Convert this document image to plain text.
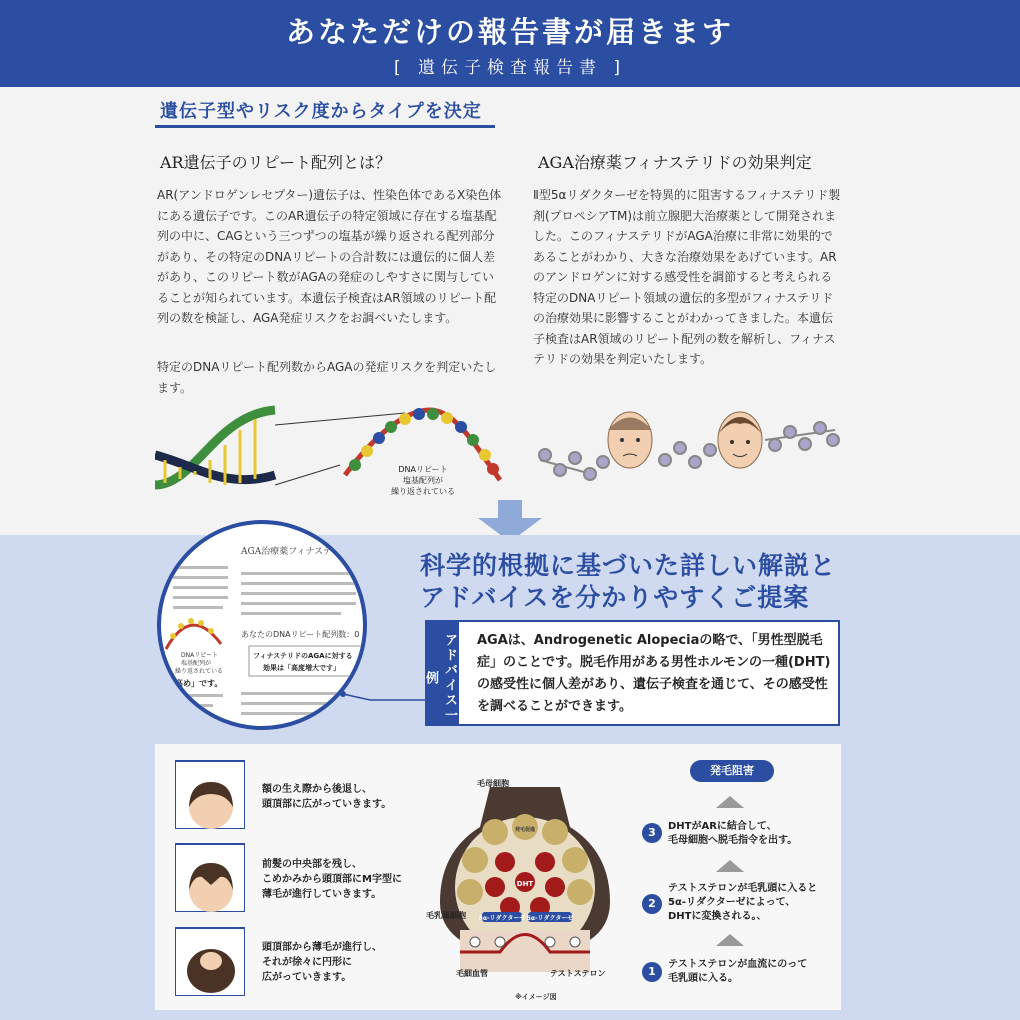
あなただけの報告書が届きます
[ 遺伝子検査報告書 ]
遺伝子型やリスク度からタイプを決定
AR遺伝子のリピート配列とは？
AR(アンドロゲンレセプター)遺伝子は、性染色体であるX染色体にある遺伝子です。このAR遺伝子の特定領域に存在する塩基配列の中に、CAGという三つずつの塩基が繰り返される配列部分があり、その特定のDNAリピートの合計数には遺伝的に個人差があり、このリピート数がAGAの発症のしやすさに関与していることが知られています。本遺伝子検査はAR領域のリピート配列の数を検証し、AGA発症リスクをお調べいたします。
特定のDNAリピート配列数からAGAの発症リスクを判定いたします。
AGA治療薬フィナステリドの効果判定
Ⅱ型5αリダクターゼを特異的に阻害するフィナステリド製剤(プロペシアTM)は前立腺肥大治療薬として開発されました。このフィナステリドがAGA治療に非常に効果的であることがわかり、大きな治療効果をあげています。ARのアンドロゲンに対する感受性を調節すると考えられる特定のDNAリピート領域の遺伝的多型がフィナステリドの治療効果に影響することがわかってきました。本遺伝子検査はAR領域のリピート配列の数を解析し、フィナステリドの効果を判定いたします。
DNAリピート
塩基配列が
繰り返されている
科学的根拠に基づいた詳しい解説と
アドバイスを分かりやすくご提案
アドバイス一例
AGAは、Androgenetic Alopeciaの略で、「男性型脱毛症」のことです。脱毛作用がある男性ホルモンの一種(DHT)の感受性に個人差があり、遺伝子検査を通じて、その感受性を調べることができます。
AGA治療薬フィナステ
DNAリピート
塩基配列が
繰り返されている
あなたのDNAリピート配列数：0
フィナステリドのAGAに対する
効果は「高度増大です」
高め」です。
額の生え際から後退し、
頭頂部に広がっていきます。
前髪の中央部を残し、
こめかみから頭頂部にM字型に
薄毛が進行していきます。
頭頂部から薄毛が進行し、
それが徐々に円形に
広がっていきます。
DHT
発毛促進
5α-リダクターゼ 5α-リダクターゼ
毛母細胞
毛乳頭細胞
毛細血管	テストステロン
※イメージ図
発毛阻害
3	DHTがARに結合して、
毛母細胞へ脱毛指令を出す。
2
テストステロンが毛乳頭に入ると
5α-リダクターゼによって、
DHTに変換される。、
1
テストステロンが血流にのって
毛乳頭に入る。
